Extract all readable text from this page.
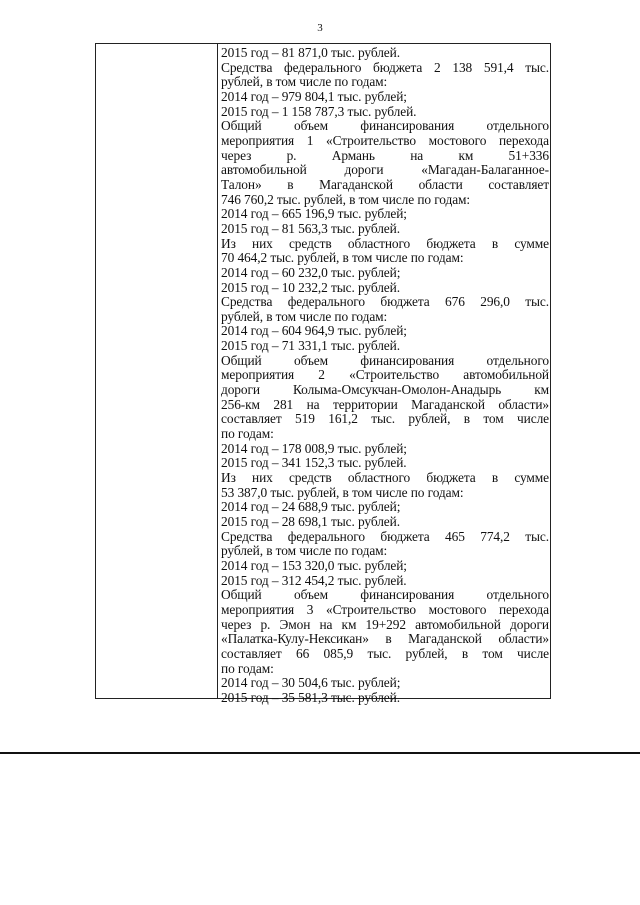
3
2015 год – 81 871,0 тыс. рублей.
Средства федерального бюджета 2 138 591,4 тыс.
рублей, в том числе по годам:
2014 год – 979 804,1 тыс. рублей;
2015 год – 1 158 787,3 тыс. рублей.
Общий объем финансирования отдельного
мероприятия 1 «Строительство мостового перехода
через р. Армань на км 51+336
автомобильной дороги «Магадан-Балаганное-
Талон» в Магаданской области составляет
746 760,2 тыс. рублей, в том числе по годам:
2014 год – 665 196,9 тыс. рублей;
2015 год – 81 563,3 тыс. рублей.
Из них средств областного бюджета в сумме
70 464,2 тыс. рублей, в том числе по годам:
2014 год – 60 232,0 тыс. рублей;
2015 год – 10 232,2 тыс. рублей.
Средства федерального бюджета 676 296,0 тыс.
рублей, в том числе по годам:
2014 год – 604 964,9 тыс. рублей;
2015 год – 71 331,1 тыс. рублей.
Общий объем финансирования отдельного
мероприятия 2 «Строительство автомобильной
дороги Колыма-Омсукчан-Омолон-Анадырь км
256-км 281 на территории Магаданской области»
составляет 519 161,2 тыс. рублей, в том числе
по годам:
2014 год – 178 008,9 тыс. рублей;
2015 год – 341 152,3 тыс. рублей.
Из них средств областного бюджета в сумме
53 387,0 тыс. рублей, в том числе по годам:
2014 год – 24 688,9 тыс. рублей;
2015 год – 28 698,1 тыс. рублей.
Средства федерального бюджета 465 774,2 тыс.
рублей, в том числе по годам:
2014 год – 153 320,0 тыс. рублей;
2015 год – 312 454,2 тыс. рублей.
Общий объем финансирования отдельного
мероприятия 3 «Строительство мостового перехода
через р. Эмон на км 19+292 автомобильной дороги
«Палатка-Кулу-Нексикан» в Магаданской области»
составляет 66 085,9 тыс. рублей, в том числе
по годам:
2014 год – 30 504,6 тыс. рублей;
2015 год – 35 581,3 тыс. рублей.
